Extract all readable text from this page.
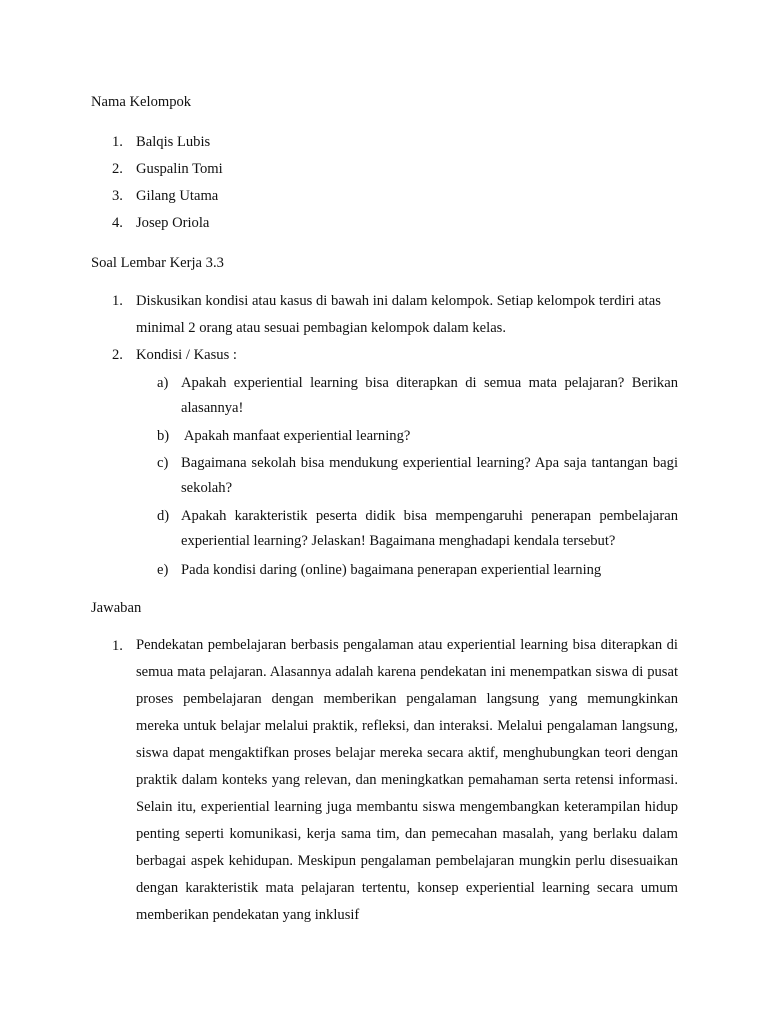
Nama Kelompok
1. Balqis Lubis
2. Guspalin Tomi
3. Gilang Utama
4. Josep Oriola
Soal Lembar Kerja 3.3
1. Diskusikan kondisi atau kasus di bawah ini dalam kelompok. Setiap kelompok terdiri atas minimal 2 orang atau sesuai pembagian kelompok dalam kelas.
2. Kondisi / Kasus :
a) Apakah experiential learning bisa diterapkan di semua mata pelajaran? Berikan alasannya!
b) Apakah manfaat experiential learning?
c) Bagaimana sekolah bisa mendukung experiential learning? Apa saja tantangan bagi sekolah?
d) Apakah karakteristik peserta didik bisa mempengaruhi penerapan pembelajaran experiential learning? Jelaskan! Bagaimana menghadapi kendala tersebut?
e) Pada kondisi daring (online) bagaimana penerapan experiential learning
Jawaban
1. Pendekatan pembelajaran berbasis pengalaman atau experiential learning bisa diterapkan di semua mata pelajaran. Alasannya adalah karena pendekatan ini menempatkan siswa di pusat proses pembelajaran dengan memberikan pengalaman langsung yang memungkinkan mereka untuk belajar melalui praktik, refleksi, dan interaksi. Melalui pengalaman langsung, siswa dapat mengaktifkan proses belajar mereka secara aktif, menghubungkan teori dengan praktik dalam konteks yang relevan, dan meningkatkan pemahaman serta retensi informasi. Selain itu, experiential learning juga membantu siswa mengembangkan keterampilan hidup penting seperti komunikasi, kerja sama tim, dan pemecahan masalah, yang berlaku dalam berbagai aspek kehidupan. Meskipun pengalaman pembelajaran mungkin perlu disesuaikan dengan karakteristik mata pelajaran tertentu, konsep experiential learning secara umum memberikan pendekatan yang inklusif
